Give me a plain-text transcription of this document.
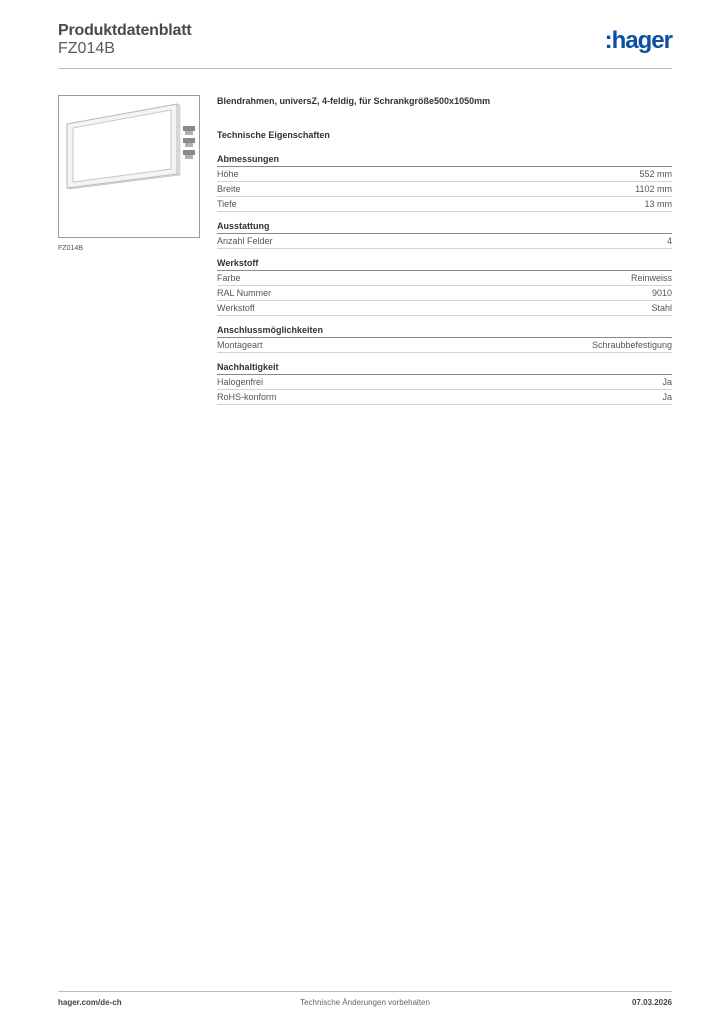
Produktdatenblatt
FZ014B	:hager
FZ014B
Blendrahmen, universZ, 4-feldig, für Schrankgröße500x1050mm
Technische Eigenschaften
Abmessungen
Höhe	552 mm
Breite	1102 mm
Tiefe	13 mm
Ausstattung
Anzahl Felder	4
Werkstoff
Farbe	Reinweiss
RAL Nummer	9010
Werkstoff	Stahl
Anschlussmöglichkeiten
Montageart	Schraubbefestigung
Nachhaltigkeit
Halogenfrei	Ja
RoHS-konform	Ja
hager.com/de-ch	Technische Änderungen vorbehalten	07.03.2026
